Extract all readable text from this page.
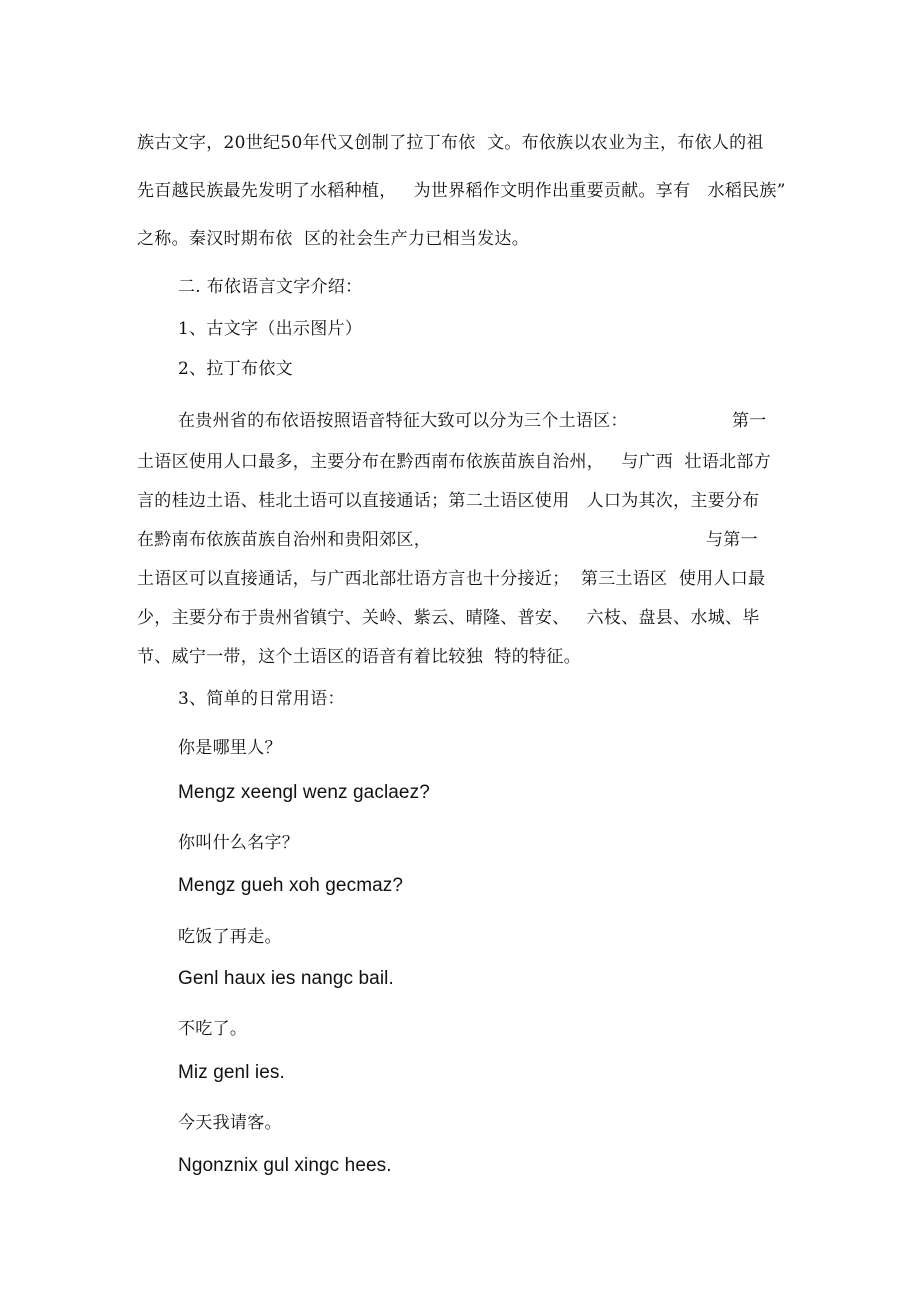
族古文字，20世纪50年代又创制了拉丁布依  文。布依族以农业为主，布依人的祖
先百越民族最先发明了水稻种植，   为世界稻作文明作出重要贡献。享有   水稻民族”
之称。秦汉时期布依  区的社会生产力已相当发达。
二. 布依语言文字介绍：
1、古文字（出示图片）
2、拉丁布依文
在贵州省的布依语按照语音特征大致可以分为三个土语区：	第一
土语区使用人口最多，主要分布在黔西南布依族苗族自治州，   与广西  壮语北部方
言的桂边土语、桂北土语可以直接通话；第二土语区使用   人口为其次，主要分布
在黔南布依族苗族自治州和贵阳郊区，	与第一
土语区可以直接通话，与广西北部壮语方言也十分接近；  第三土语区  使用人口最
少，主要分布于贵州省镇宁、关岭、紫云、晴隆、普安、   六枝、盘县、水城、毕
节、威宁一带，这个土语区的语音有着比较独  特的特征。
3、简单的日常用语：
你是哪里人？
Mengz xeengl wenz gaclaez?
你叫什么名字？
Mengz gueh xoh gecmaz?
吃饭了再走。
Genl haux ies nangc bail.
不吃了。
Miz genl ies.
今天我请客。
Ngonznix gul xingc hees.
